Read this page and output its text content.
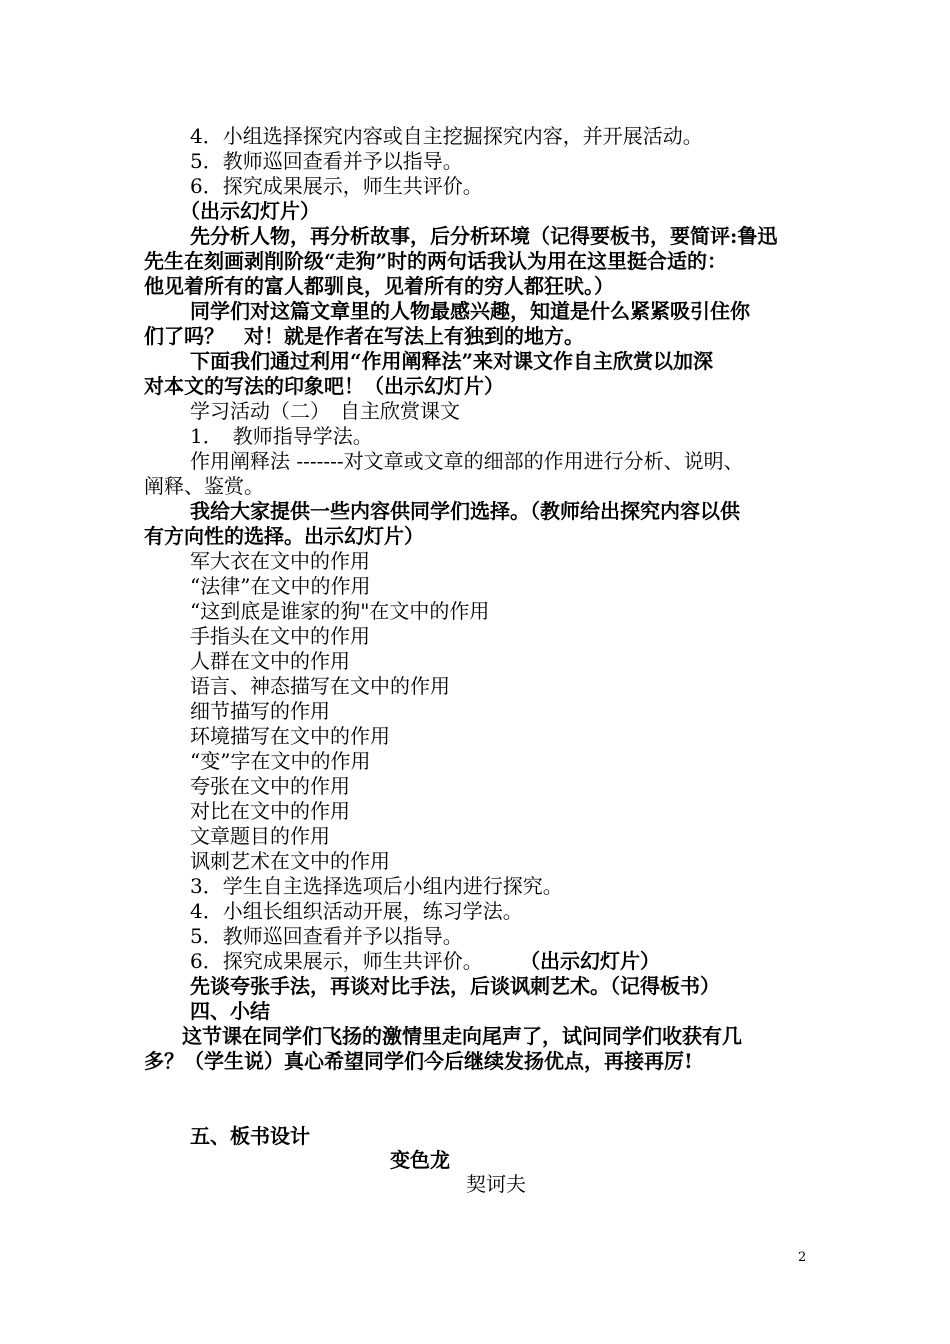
4．小组选择探究内容或自主挖掘探究内容，并开展活动。
5．教师巡回查看并予以指导。
6．探究成果展示，师生共评价。
（出示幻灯片）
先分析人物，再分析故事，后分析环境（记得要板书，要简评:鲁迅
先生在刻画剥削阶级“走狗”时的两句话我认为用在这里挺合适的：
他见着所有的富人都驯良，见着所有的穷人都狂吠。）
同学们对这篇文章里的人物最感兴趣，知道是什么紧紧吸引住你
们了吗？　对！就是作者在写法上有独到的地方。
下面我们通过利用“作用阐释法”来对课文作自主欣赏以加深
对本文的写法的印象吧！（出示幻灯片）
学习活动（二）　自主欣赏课文
1．　教师指导学法。
作用阐释法 -------对文章或文章的细部的作用进行分析、说明、
阐释、鉴赏。
我给大家提供一些内容供同学们选择。（教师给出探究内容以供
有方向性的选择。出示幻灯片）
军大衣在文中的作用
“法律”在文中的作用
“这到底是谁家的狗"在文中的作用
手指头在文中的作用
人群在文中的作用
语言、神态描写在文中的作用
细节描写的作用
环境描写在文中的作用
“变”字在文中的作用
夸张在文中的作用
对比在文中的作用
文章题目的作用
讽刺艺术在文中的作用
3．学生自主选择选项后小组内进行探究。
4．小组长组织活动开展，练习学法。
5．教师巡回查看并予以指导。
6．探究成果展示，师生共评价。 （出示幻灯片）
先谈夸张手法，再谈对比手法，后谈讽刺艺术。（记得板书）
四、小结
这节课在同学们飞扬的激情里走向尾声了，试问同学们收获有几
多？（学生说）真心希望同学们今后继续发扬优点，再接再厉!
五、板书设计
变色龙
契诃夫
2
